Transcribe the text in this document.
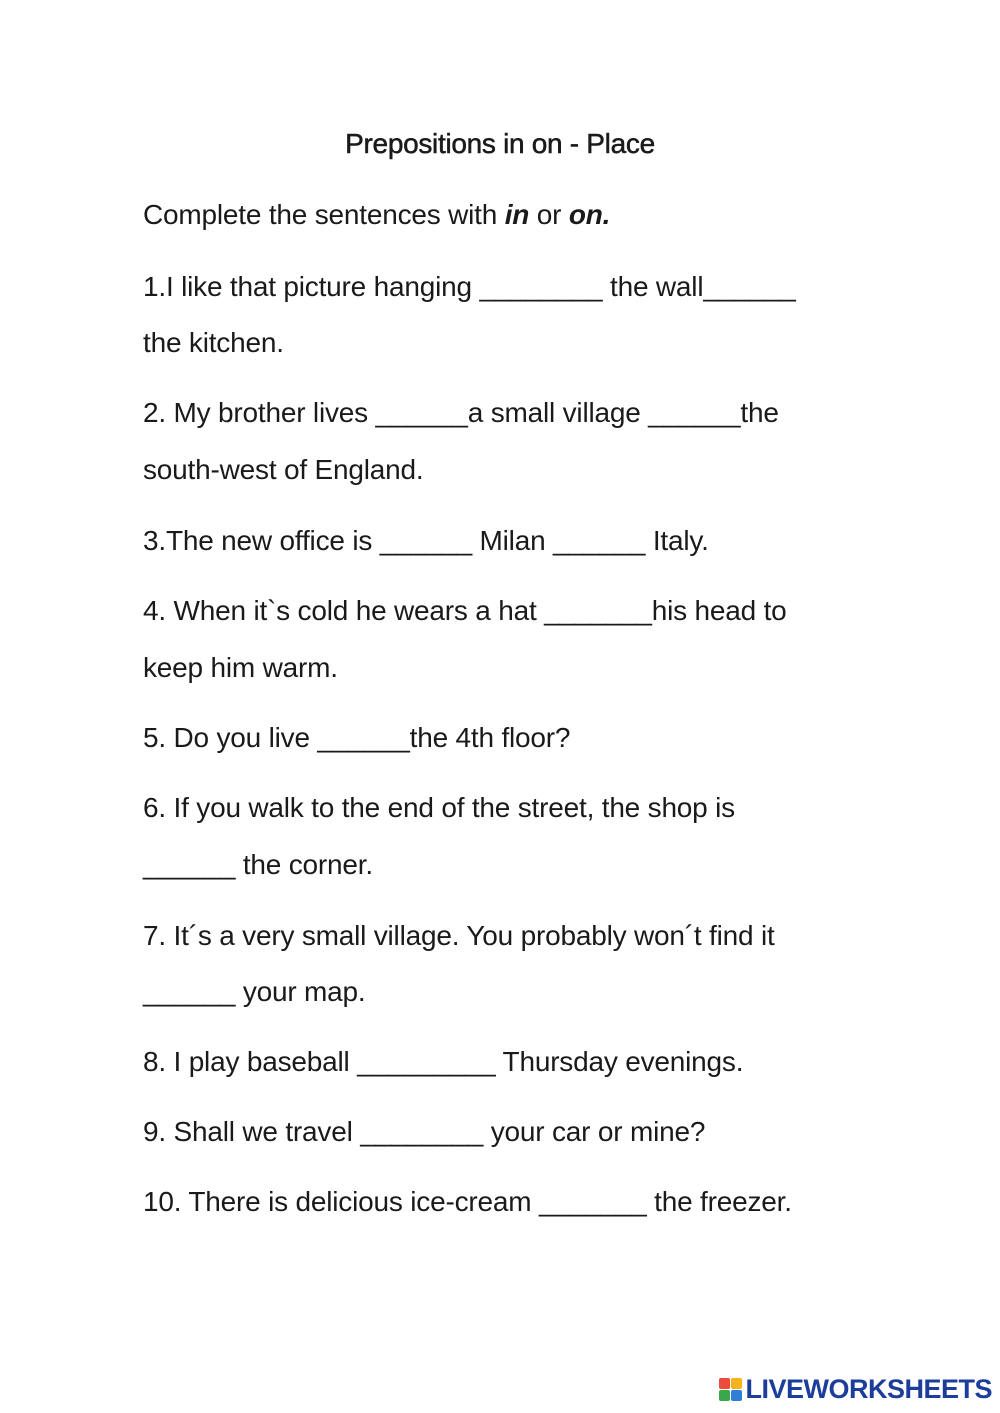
Prepositions in on - Place
Complete the sentences with in or on.
1.I like that picture hanging ________ the wall______
the kitchen.
2. My brother lives ______a small village ______the
south-west of England.
3.The new office is ______ Milan ______ Italy.
4. When it`s cold he wears a hat _______his head to
keep him warm.
5. Do you live ______the 4th floor?
6. If you walk to the end of the street, the shop is
______ the corner.
7. It´s a very small village. You probably won´t find it
______ your map.
8. I play baseball _________ Thursday evenings.
9. Shall we travel ________ your car or mine?
10. There is delicious ice-cream _______ the freezer.
LIVEWORKSHEETS
